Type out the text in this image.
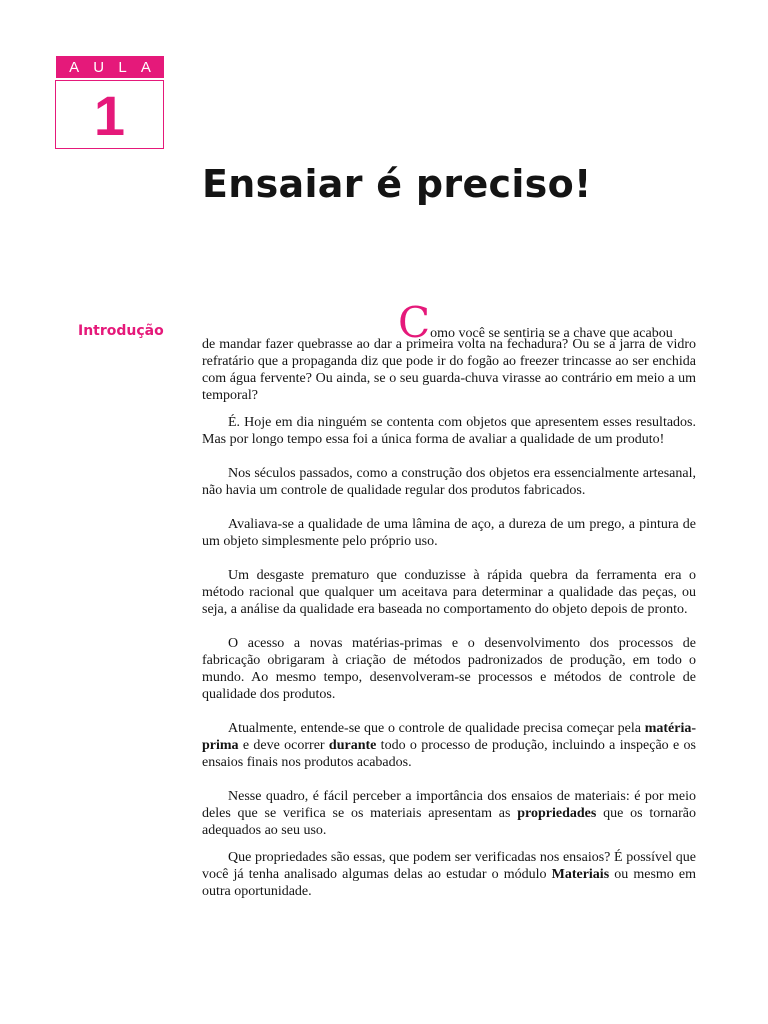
A U L A
1
Ensaiar é preciso!
Introdução	Como você se sentiria se a chave que acabou
de mandar fazer quebrasse ao dar a primeira volta na fechadura? Ou se a jarra de vidro refratário que a propaganda diz que pode ir do fogão ao freezer trincasse ao ser enchida com água fervente? Ou ainda, se o seu guarda-chuva virasse ao contrário em meio a um temporal?

É. Hoje em dia ninguém se contenta com objetos que apresentem esses resultados. Mas por longo tempo essa foi a única forma de avaliar a qualidade de um produto!

Nos séculos passados, como a construção dos objetos era essencialmente artesanal, não havia um controle de qualidade regular dos produtos fabricados.

Avaliava-se a qualidade de uma lâmina de aço, a dureza de um prego, a pintura de um objeto simplesmente pelo próprio uso.

Um desgaste prematuro que conduzisse à rápida quebra da ferramenta era o método racional que qualquer um aceitava para determinar a qualidade das peças, ou seja, a análise da qualidade era baseada no comportamento do objeto depois de pronto.

O acesso a novas matérias-primas e o desenvolvimento dos processos de fabricação obrigaram à criação de métodos padronizados de produção, em todo o mundo. Ao mesmo tempo, desenvolveram-se processos e métodos de controle de qualidade dos produtos.

Atualmente, entende-se que o controle de qualidade precisa começar pela matéria-prima e deve ocorrer durante todo o processo de produção, incluindo a inspeção e os ensaios finais nos produtos acabados.

Nesse quadro, é fácil perceber a importância dos ensaios de materiais: é por meio deles que se verifica se os materiais apresentam as propriedades que os tornarão adequados ao seu uso.

Que propriedades são essas, que podem ser verificadas nos ensaios? É possível que você já tenha analisado algumas delas ao estudar o módulo Materiais ou mesmo em outra oportunidade.
